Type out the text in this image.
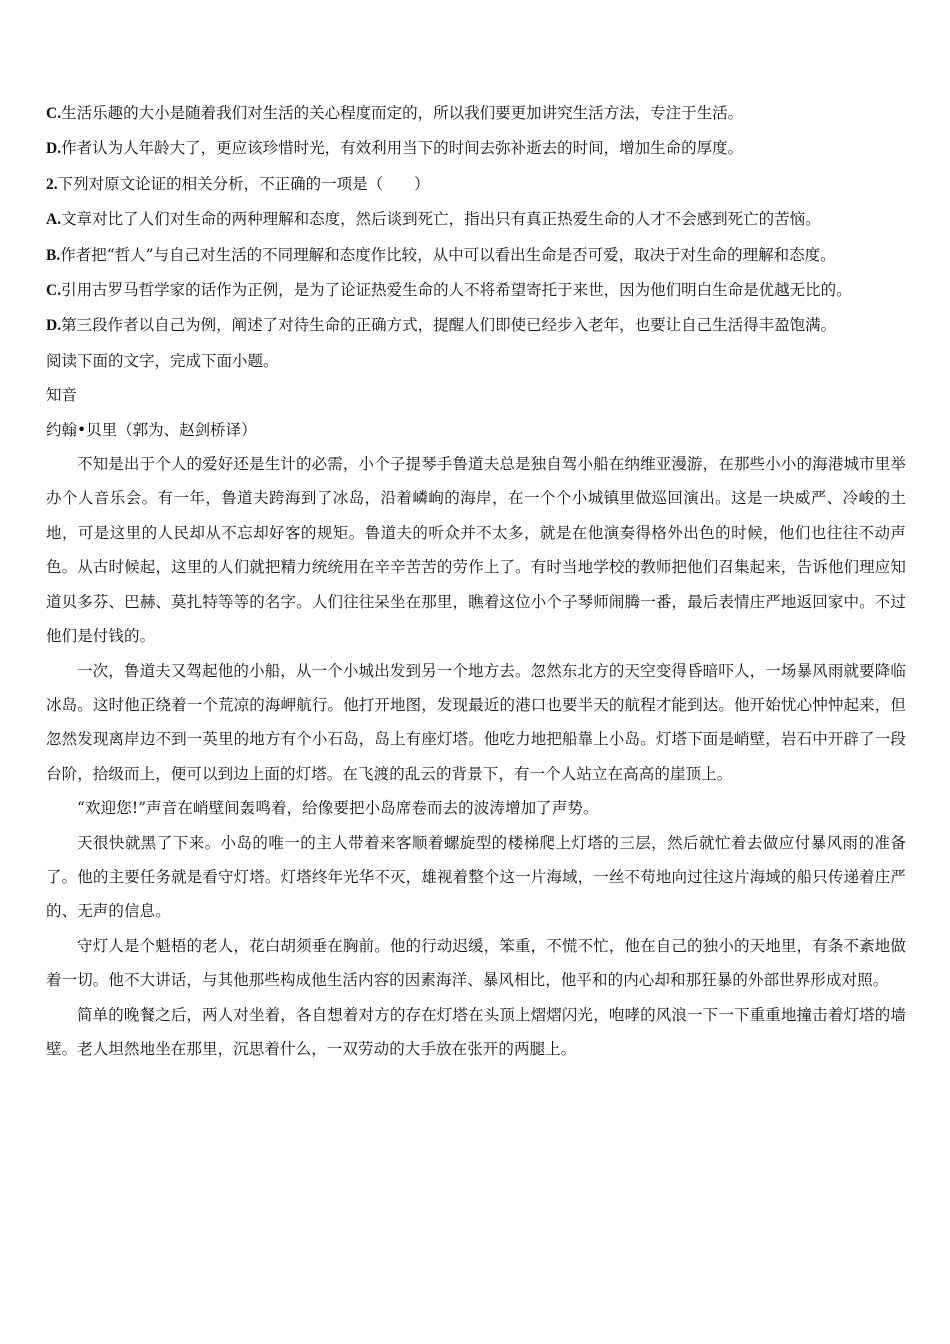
C.生活乐趣的大小是随着我们对生活的关心程度而定的，所以我们要更加讲究生活方法，专注于生活。

D.作者认为人年龄大了，更应该珍惜时光，有效利用当下的时间去弥补逝去的时间，增加生命的厚度。

2.下列对原文论证的相关分析，不正确的一项是（　　）

A.文章对比了人们对生命的两种理解和态度，然后谈到死亡，指出只有真正热爱生命的人才不会感到死亡的苦恼。

B.作者把“哲人”与自己对生活的不同理解和态度作比较，从中可以看出生命是否可爱，取决于对生命的理解和态度。

C.引用古罗马哲学家的话作为正例，是为了论证热爱生命的人不将希望寄托于来世，因为他们明白生命是优越无比的。

D.第三段作者以自己为例，阐述了对待生命的正确方式，提醒人们即使已经步入老年，也要让自己生活得丰盈饱满。

阅读下面的文字，完成下面小题。

知音

约翰•贝里（郭为、赵剑桥译）

不知是出于个人的爱好还是生计的必需，小个子提琴手鲁道夫总是独自驾小船在纳维亚漫游，在那些小小的海港城市里举办个人音乐会。有一年，鲁道夫跨海到了冰岛，沿着嶙峋的海岸，在一个个小城镇里做巡回演出。这是一块威严、冷峻的土地，可是这里的人民却从不忘却好客的规矩。鲁道夫的听众并不太多，就是在他演奏得格外出色的时候，他们也往往不动声色。从古时候起，这里的人们就把精力统统用在辛辛苦苦的劳作上了。有时当地学校的教师把他们召集起来，告诉他们理应知道贝多芬、巴赫、莫扎特等等的名字。人们往往呆坐在那里，瞧着这位小个子琴师闹腾一番，最后表情庄严地返回家中。不过他们是付钱的。

一次，鲁道夫又驾起他的小船，从一个小城出发到另一个地方去。忽然东北方的天空变得昏暗吓人，一场暴风雨就要降临冰岛。这时他正绕着一个荒凉的海岬航行。他打开地图，发现最近的港口也要半天的航程才能到达。他开始忧心忡忡起来，但忽然发现离岸边不到一英里的地方有个小石岛，岛上有座灯塔。他吃力地把船靠上小岛。灯塔下面是峭壁，岩石中开辟了一段台阶，拾级而上，便可以到边上面的灯塔。在飞渡的乱云的背景下，有一个人站立在高高的崖顶上。

“欢迎您!”声音在峭壁间轰鸣着，给像要把小岛席卷而去的波涛增加了声势。

天很快就黑了下来。小岛的唯一的主人带着来客顺着螺旋型的楼梯爬上灯塔的三层，然后就忙着去做应付暴风雨的准备了。他的主要任务就是看守灯塔。灯塔终年光华不灭，雄视着整个这一片海域，一丝不苟地向过往这片海域的船只传递着庄严的、无声的信息。

守灯人是个魁梧的老人，花白胡须垂在胸前。他的行动迟缓，笨重，不慌不忙，他在自己的独小的天地里，有条不紊地做着一切。他不大讲话，与其他那些构成他生活内容的因素海洋、暴风相比，他平和的内心却和那狂暴的外部世界形成对照。

简单的晚餐之后，两人对坐着，各自想着对方的存在灯塔在头顶上熠熠闪光，咆哮的风浪一下一下重重地撞击着灯塔的墙壁。老人坦然地坐在那里，沉思着什么，一双劳动的大手放在张开的两腿上。
